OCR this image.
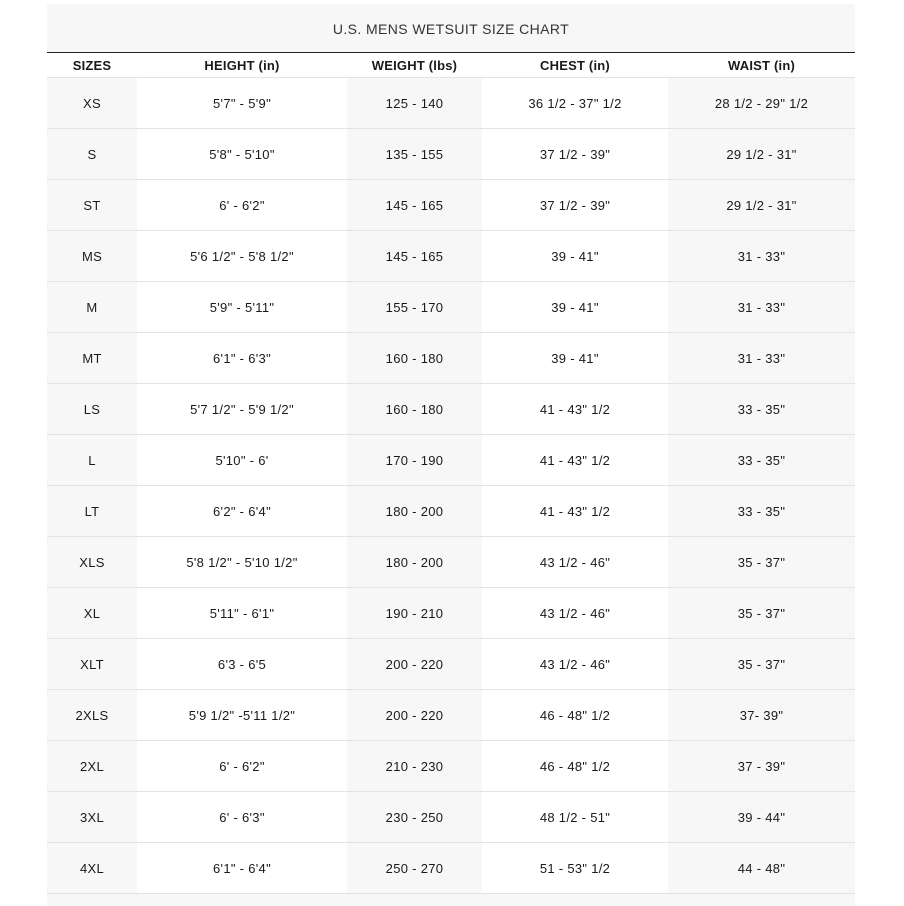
U.S. MENS WETSUIT SIZE CHART
SIZES	HEIGHT (in)	WEIGHT (lbs)	CHEST (in)	WAIST (in)
XS	5'7" - 5'9"	125 - 140	36 1/2 - 37" 1/2	28 1/2 - 29" 1/2
S	5'8" - 5'10"	135 - 155	37 1/2 - 39"	29 1/2 - 31"
ST	6' - 6'2"	145 - 165	37 1/2 - 39"	29 1/2 - 31"
MS	5'6 1/2" - 5'8 1/2"	145 - 165	39 - 41"	31 - 33"
M	5'9" - 5'11"	155 - 170	39 - 41"	31 - 33"
MT	6'1" - 6'3"	160 - 180	39 - 41"	31 - 33"
LS	5'7 1/2" - 5'9 1/2"	160 - 180	41 - 43" 1/2	33 - 35"
L	5'10" - 6'	170 - 190	41 - 43" 1/2	33 - 35"
LT	6'2" - 6'4"	180 - 200	41 - 43" 1/2	33 - 35"
XLS	5'8 1/2" - 5'10 1/2"	180 - 200	43 1/2 - 46"	35 - 37"
XL	5'11" - 6'1"	190 - 210	43 1/2 - 46"	35 - 37"
XLT	6'3 - 6'5	200 - 220	43 1/2 - 46"	35 - 37"
2XLS	5'9 1/2" -5'11 1/2"	200 - 220	46 - 48" 1/2	37- 39"
2XL	6' - 6'2"	210 - 230	46 - 48" 1/2	37 - 39"
3XL	6' - 6'3"	230 - 250	48 1/2 - 51"	39 - 44"
4XL	6'1" - 6'4"	250 - 270	51 - 53" 1/2	44 - 48"
